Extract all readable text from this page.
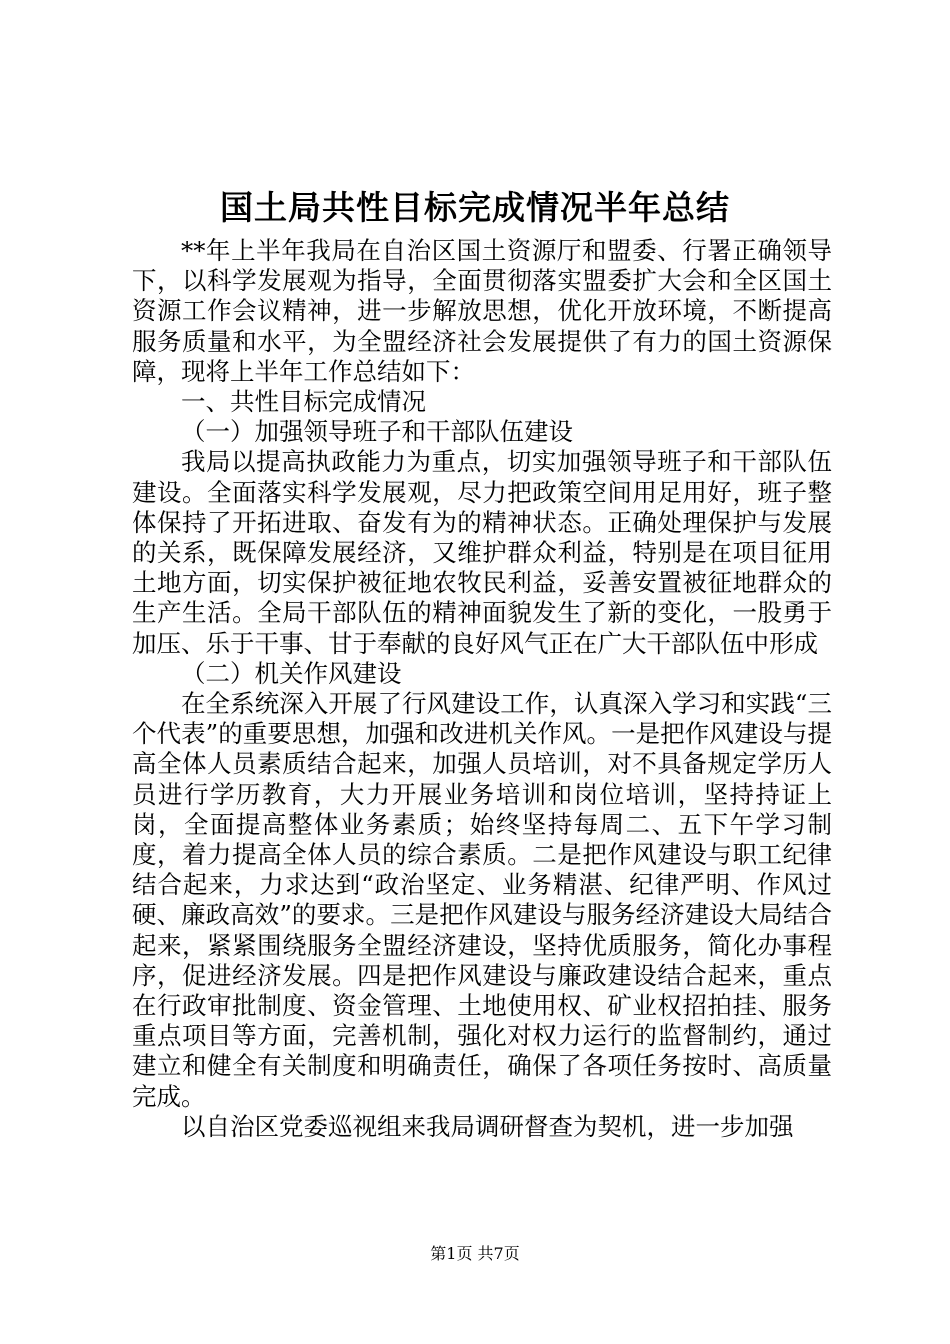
国土局共性目标完成情况半年总结

**年上半年我局在自治区国土资源厅和盟委、行署正确领导下，以科学发展观为指导，全面贯彻落实盟委扩大会和全区国土资源工作会议精神，进一步解放思想，优化开放环境，不断提高服务质量和水平，为全盟经济社会发展提供了有力的国土资源保障，现将上半年工作总结如下：

一、共性目标完成情况

（一）加强领导班子和干部队伍建设

我局以提高执政能力为重点，切实加强领导班子和干部队伍建设。全面落实科学发展观，尽力把政策空间用足用好，班子整体保持了开拓进取、奋发有为的精神状态。正确处理保护与发展的关系，既保障发展经济，又维护群众利益，特别是在项目征用土地方面，切实保护被征地农牧民利益，妥善安置被征地群众的生产生活。全局干部队伍的精神面貌发生了新的变化，一股勇于加压、乐于干事、甘于奉献的良好风气正在广大干部队伍中形成

（二）机关作风建设

在全系统深入开展了行风建设工作，认真深入学习和实践“三个代表”的重要思想，加强和改进机关作风。一是把作风建设与提高全体人员素质结合起来，加强人员培训，对不具备规定学历人员进行学历教育，大力开展业务培训和岗位培训，坚持持证上岗，全面提高整体业务素质；始终坚持每周二、五下午学习制度，着力提高全体人员的综合素质。二是把作风建设与职工纪律结合起来，力求达到“政治坚定、业务精湛、纪律严明、作风过硬、廉政高效”的要求。三是把作风建设与服务经济建设大局结合起来，紧紧围绕服务全盟经济建设，坚持优质服务，简化办事程序，促进经济发展。四是把作风建设与廉政建设结合起来，重点在行政审批制度、资金管理、土地使用权、矿业权招拍挂、服务重点项目等方面，完善机制，强化对权力运行的监督制约，通过建立和健全有关制度和明确责任，确保了各项任务按时、高质量完成。

以自治区党委巡视组来我局调研督查为契机，进一步加强

第1页 共7页
